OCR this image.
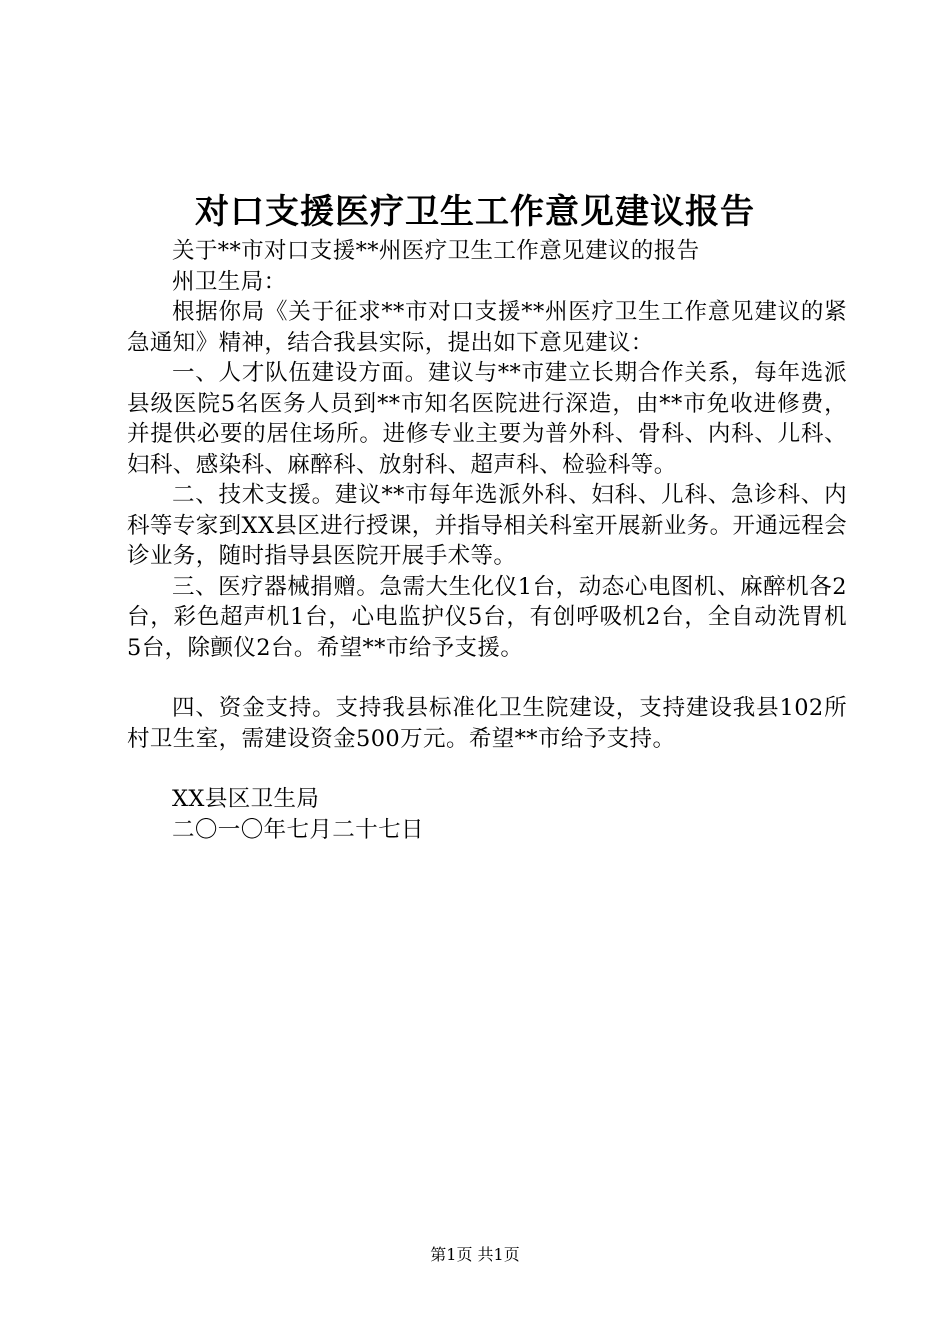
对口支援医疗卫生工作意见建议报告

关于**市对口支援**州医疗卫生工作意见建议的报告

州卫生局：

根据你局《关于征求**市对口支援**州医疗卫生工作意见建议的紧急通知》精神，结合我县实际，提出如下意见建议：

一、人才队伍建设方面。建议与**市建立长期合作关系，每年选派县级医院5名医务人员到**市知名医院进行深造，由**市免收进修费，并提供必要的居住场所。进修专业主要为普外科、骨科、内科、儿科、妇科、感染科、麻醉科、放射科、超声科、检验科等。

二、技术支援。建议**市每年选派外科、妇科、儿科、急诊科、内科等专家到XX县区进行授课，并指导相关科室开展新业务。开通远程会诊业务，随时指导县医院开展手术等。

三、医疗器械捐赠。急需大生化仪1台，动态心电图机、麻醉机各2台，彩色超声机1台，心电监护仪5台，有创呼吸机2台，全自动洗胃机5台，除颤仪2台。希望**市给予支援。

四、资金支持。支持我县标准化卫生院建设，支持建设我县102所村卫生室，需建设资金500万元。希望**市给予支持。

XX县区卫生局

二〇一〇年七月二十七日

第1页 共1页
